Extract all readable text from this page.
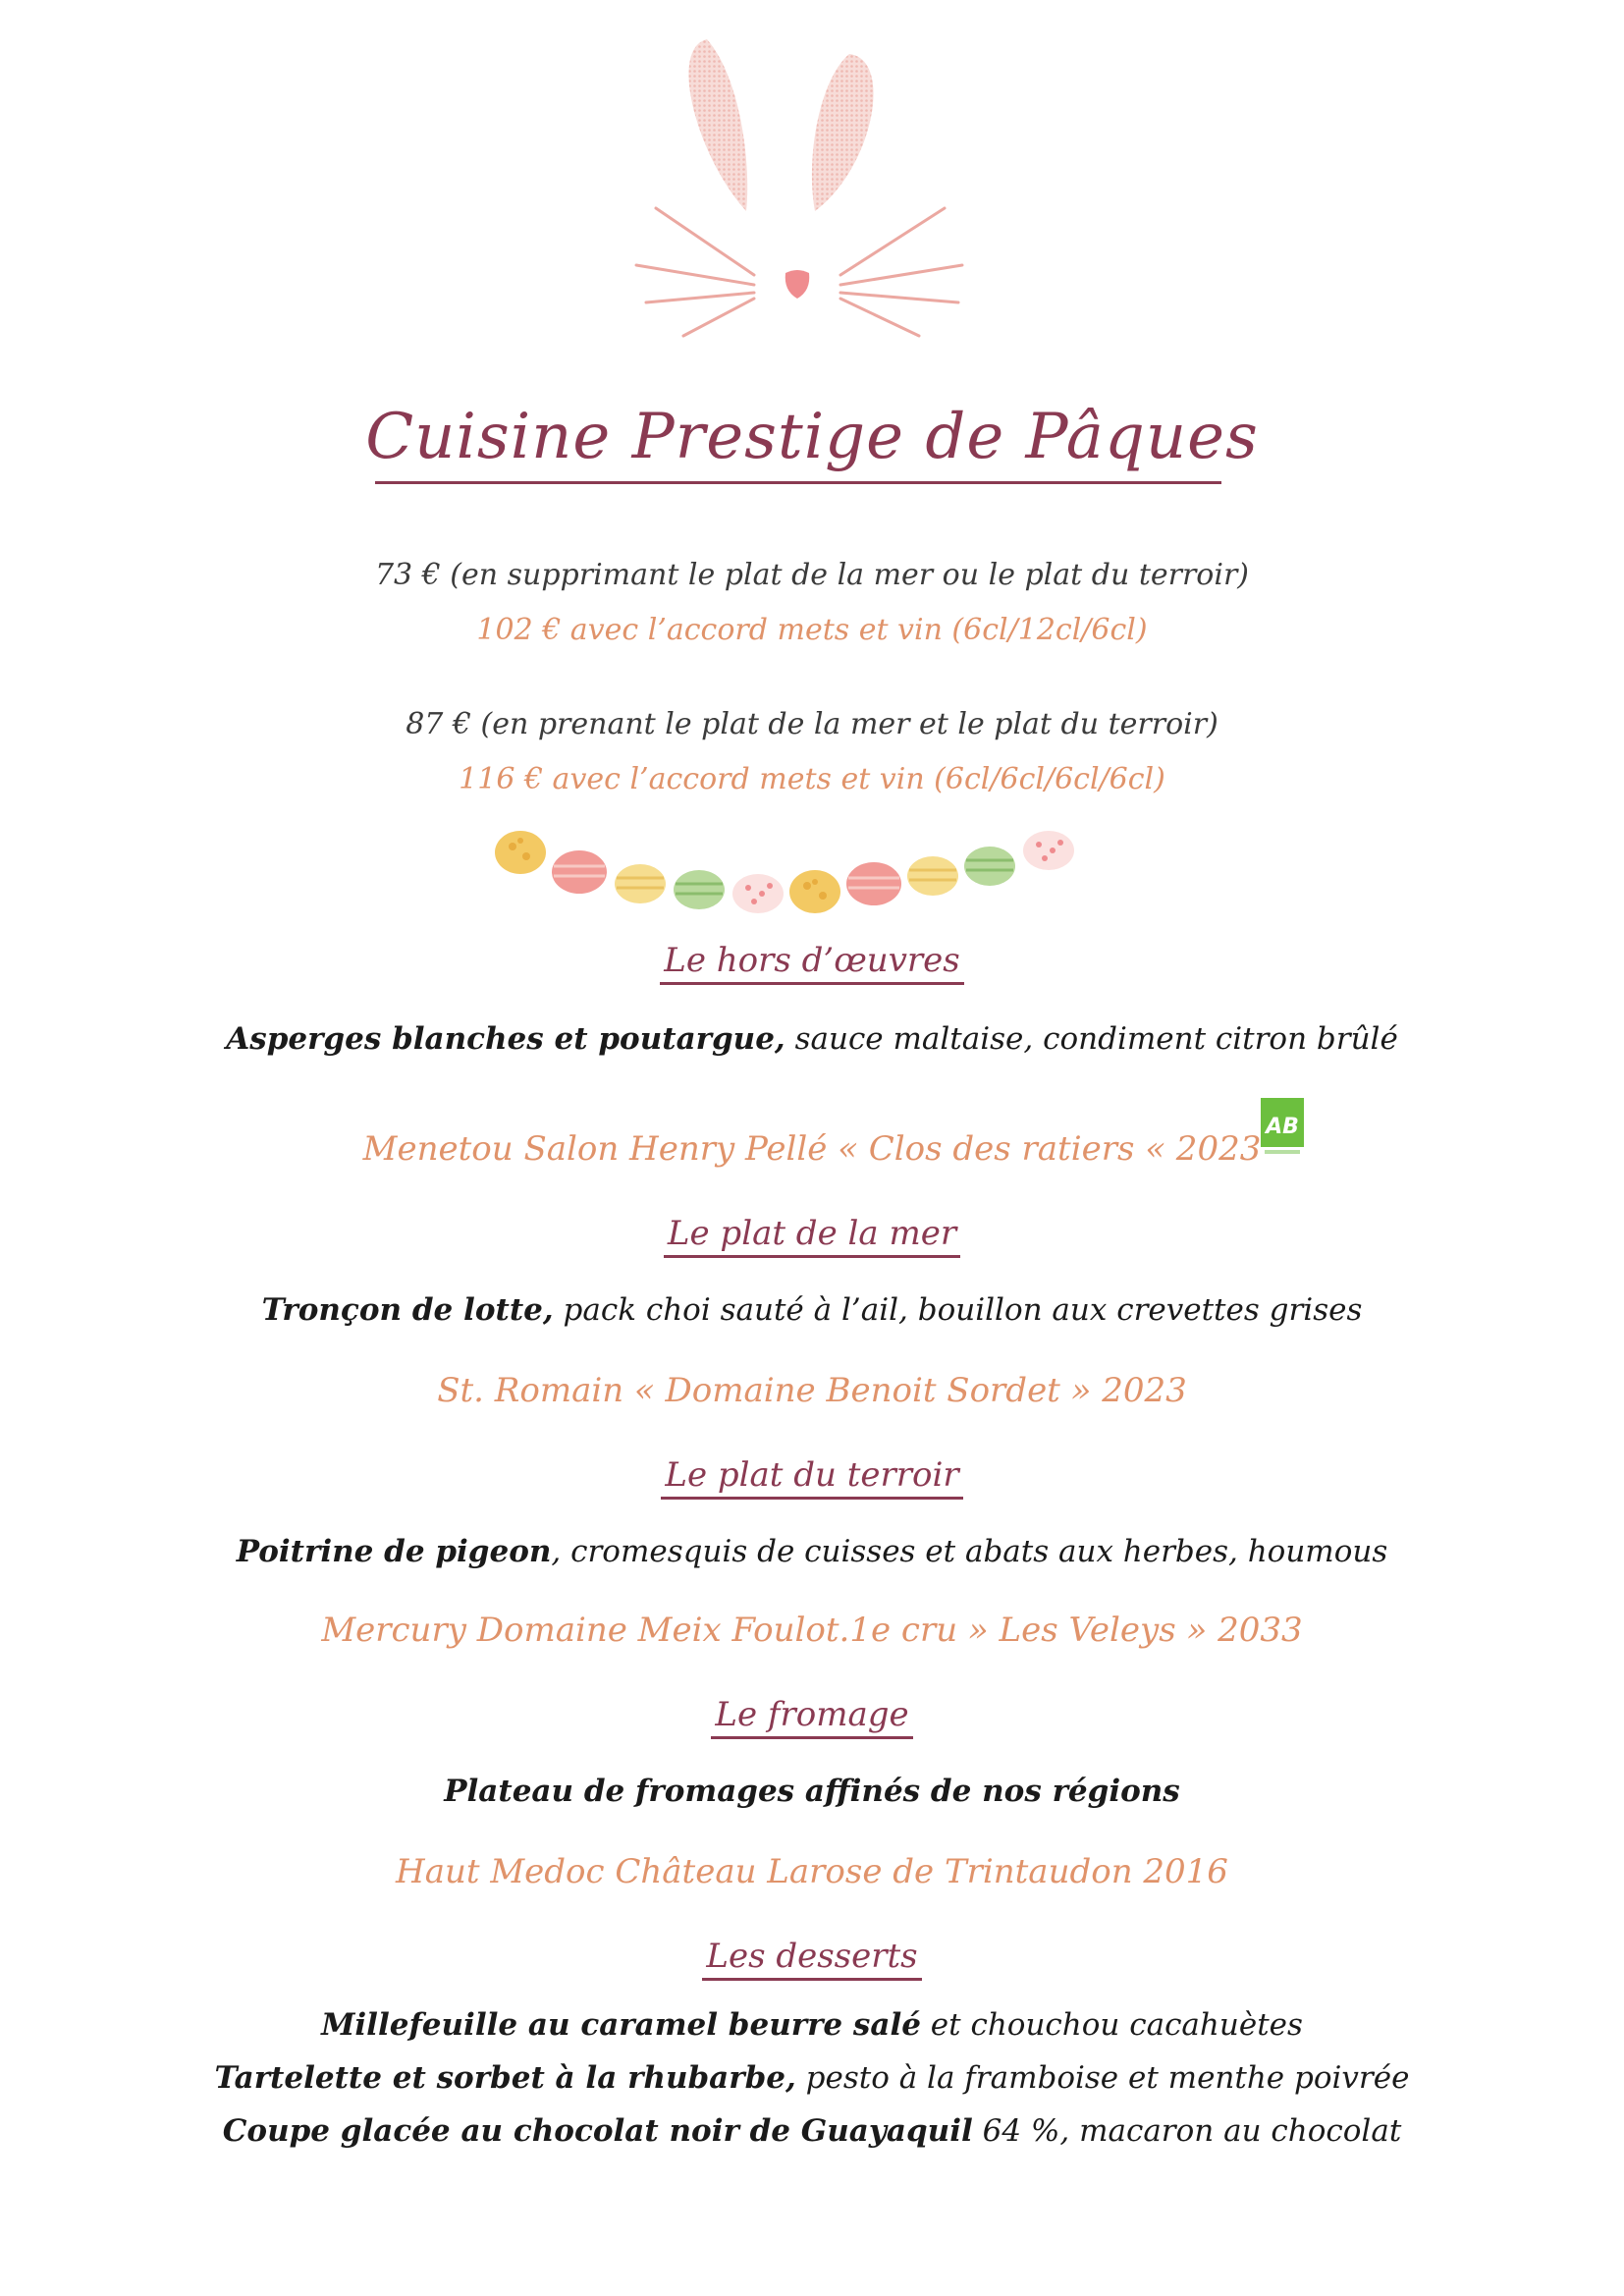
Cuisine Prestige de Pâques
73 € (en supprimant le plat de la mer ou le plat du terroir)
102 € avec l’accord mets et vin (6cl/12cl/6cl)
87 € (en prenant le plat de la mer et le plat du terroir)
116 € avec l’accord mets et vin (6cl/6cl/6cl/6cl)
Le hors d’œuvres
Asperges blanches et poutargue, sauce maltaise, condiment citron brûlé
Menetou Salon Henry Pellé « Clos des ratiers « 2023
AB
Le plat de la mer
Tronçon de lotte, pack choi sauté à l’ail, bouillon aux crevettes grises
St. Romain « Domaine Benoit Sordet » 2023
Le plat du terroir
Poitrine de pigeon, cromesquis de cuisses et abats aux herbes, houmous
Mercury Domaine Meix Foulot.1e cru » Les Veleys » 2033
Le fromage
Plateau de fromages affinés de nos régions
Haut Medoc Château Larose de Trintaudon 2016
Les desserts
Millefeuille au caramel beurre salé et chouchou cacahuètes
Tartelette et sorbet à la rhubarbe, pesto à la framboise et menthe poivrée
Coupe glacée au chocolat noir de Guayaquil 64 %, macaron au chocolat
